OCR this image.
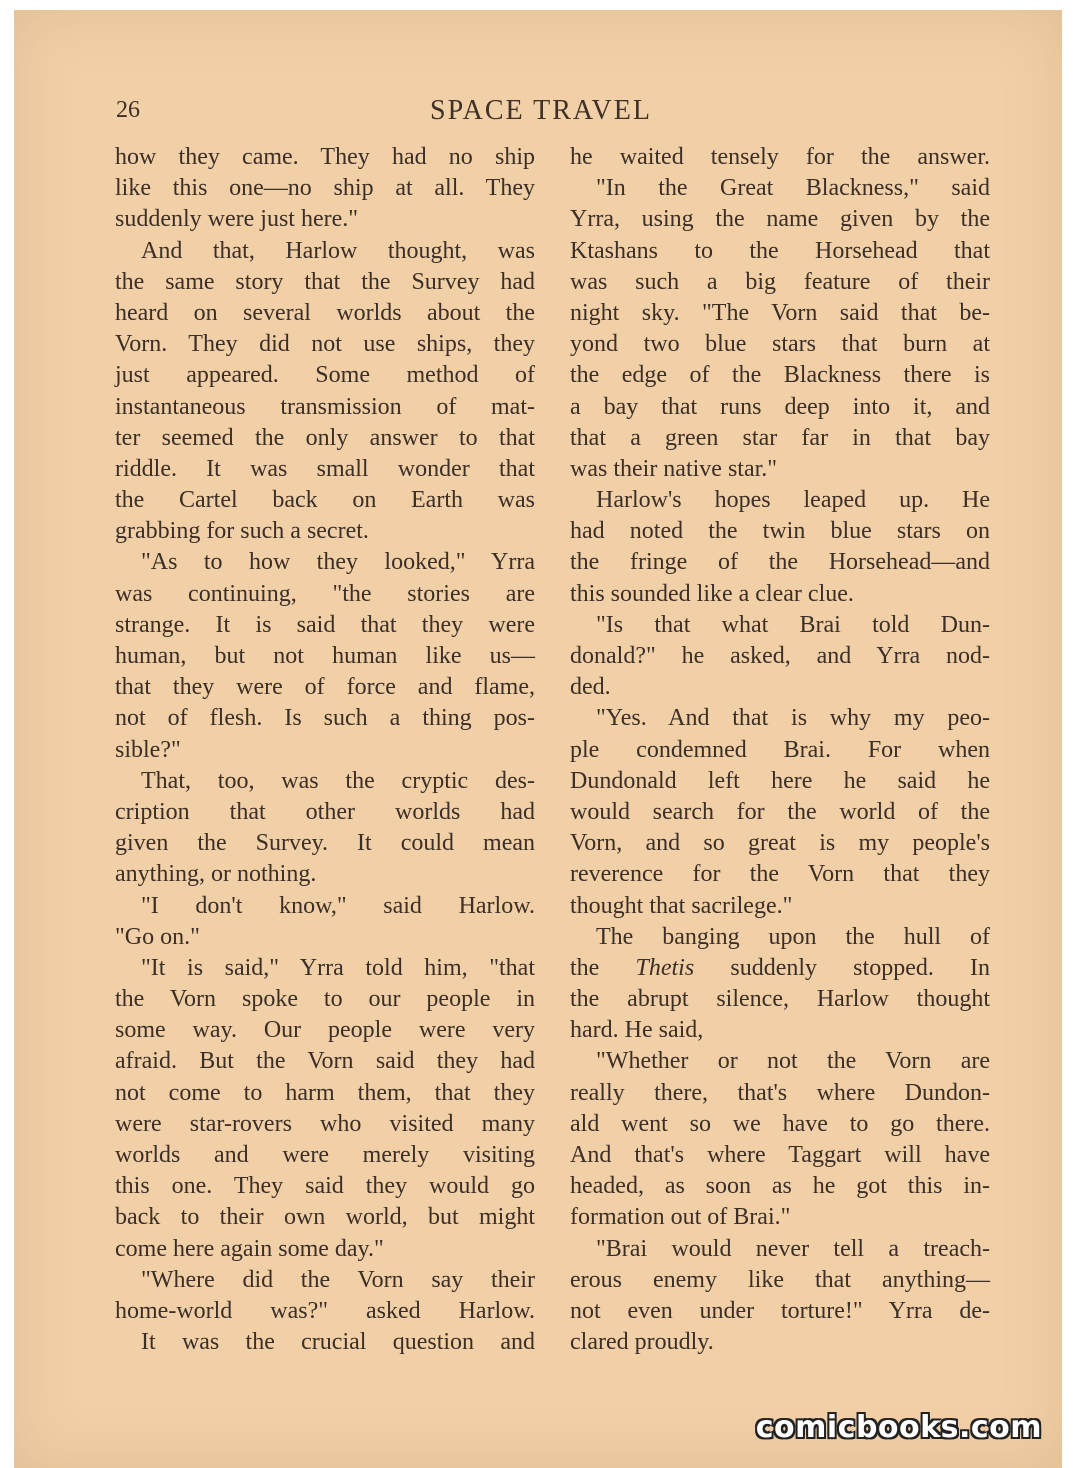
26	SPACE TRAVEL
how they came. They had no ship
like this one—no ship at all. They
suddenly were just here."
And that, Harlow thought, was
the same story that the Survey had
heard on several worlds about the
Vorn. They did not use ships, they
just appeared. Some method of
instantaneous transmission of mat-
ter seemed the only answer to that
riddle. It was small wonder that
the Cartel back on Earth was
grabbing for such a secret.
"As to how they looked," Yrra
was continuing, "the stories are
strange. It is said that they were
human, but not human like us—
that they were of force and flame,
not of flesh. Is such a thing pos-
sible?"
That, too, was the cryptic des-
cription that other worlds had
given the Survey. It could mean
anything, or nothing.
"I don't know," said Harlow.
"Go on."
"It is said," Yrra told him, "that
the Vorn spoke to our people in
some way. Our people were very
afraid. But the Vorn said they had
not come to harm them, that they
were star-rovers who visited many
worlds and were merely visiting
this one. They said they would go
back to their own world, but might
come here again some day."
"Where did the Vorn say their
home-world was?" asked Harlow.
It was the crucial question and
he waited tensely for the answer.
"In the Great Blackness," said
Yrra, using the name given by the
Ktashans to the Horsehead that
was such a big feature of their
night sky. "The Vorn said that be-
yond two blue stars that burn at
the edge of the Blackness there is
a bay that runs deep into it, and
that a green star far in that bay
was their native star."
Harlow's hopes leaped up. He
had noted the twin blue stars on
the fringe of the Horsehead—and
this sounded like a clear clue.
"Is that what Brai told Dun-
donald?" he asked, and Yrra nod-
ded.
"Yes. And that is why my peo-
ple condemned Brai. For when
Dundonald left here he said he
would search for the world of the
Vorn, and so great is my people's
reverence for the Vorn that they
thought that sacrilege."
The banging upon the hull of
the Thetis suddenly stopped. In
the abrupt silence, Harlow thought
hard. He said,
"Whether or not the Vorn are
really there, that's where Dundon-
ald went so we have to go there.
And that's where Taggart will have
headed, as soon as he got this in-
formation out of Brai."
"Brai would never tell a treach-
erous enemy like that anything—
not even under torture!" Yrra de-
clared proudly.
comicbooks.com
